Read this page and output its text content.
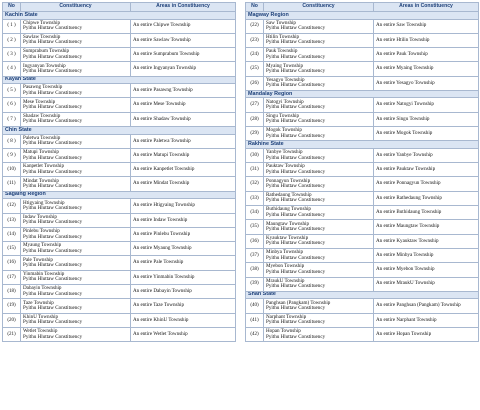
No	Constituency	Areas in Constituency
Kachin State		
( 1 )	Chipwe Township
Pyithu Hluttaw Constituency	An entire Chipwe Township
( 2 )	Sawlaw Township
Pyithu Hluttaw Constituency	An entire Sawlaw Township
( 3 )	Sumprabum Township
Pyithu Hluttaw Constituency	An entire Sumprabum Township
( 4 )	Ingyanyan Township
Pyithu Hluttaw Constituency	An entire Ingyanyan Township
Kayah State		
( 5 )	Pasawng Township
Pyithu Hluttaw Constituency	An entire Pasawng Township
( 6 )	Mese Township
Pyithu Hluttaw Constituency	An entire Mese Township
( 7 )	Shadaw Township
Pyithu Hluttaw Constituency	An entire Shadaw Township
Chin State		
( 8 )	Paletwa Township
Pyithu Hluttaw Constituency	An entire Paletwa Township
( 9 )	Matupi Township
Pyithu Hluttaw Constituency	An entire Matupi Township
(10)	Kanpetlet Township
Pyithu Hluttaw Constituency	An entire Kanpetlet Township
(11)	Mindat Township
Pyithu Hluttaw Constituency	An entire Mindat Township
Sagaing Region		
(12)	Htigyaing Township
Pyithu Hluttaw Constituency	An entire Htigyaing Township
(13)	Indaw Township
Pyithu Hluttaw Constituency	An entire Indaw Township
(14)	Pinlebu Township
Pyithu Hluttaw Constituency	An entire Pinlebu Township
(15)	Myaung Township
Pyithu Hluttaw Constituency	An entire Myaung Township
(16)	Pale Township
Pyithu Hluttaw Constituency	An entire Pale Township
(17)	Yinmabin Township
Pyithu Hluttaw Constituency	An entire Yinmabin Township
(18)	Dabayin Township
Pyithu Hluttaw Constituency	An entire Dabayin Township
(19)	Taze Township
Pyithu Hluttaw Constituency	An entire Taze Township
(20)	KhinU Township
Pyithu Hluttaw Constituency	An entire KhinU Township
(21)	Wetlet Township
Pyithu Hluttaw Constituency	An entire Wetlet Township
No	Constituency	Areas in Constituency
Magway Region		
(22)	Saw Township
Pyithu Hluttaw Constituency	An entire Saw Township
(23)	Htilin Township
Pyithu Hluttaw Constituency	An entire Htilin Township
(24)	Pauk Township
Pyithu Hluttaw Constituency	An entire Pauk Township
(25)	Myaing Township
Pyithu Hluttaw Constituency	An entire Myaing Township
(26)	Yesagyo Township
Pyithu Hluttaw Constituency	An entire Yesagyo Township
Mandalay Region		
(27)	Natogyi Township
Pyithu Hluttaw Constituency	An entire Natogyi Township
(28)	Singu Township
Pyithu Hluttaw Constituency	An entire Singu Township
(29)	Mogok Township
Pyithu Hluttaw Constituency	An entire Mogok Township
Rakhine State		
(30)	Yanbye Township
Pyithu Hluttaw Constituency	An entire Yanbye Township
(31)	Pauktaw Township
Pyithu Hluttaw Constituency	An entire Pauktaw Township
(32)	Ponnagyun Township
Pyithu Hluttaw Constituency	An entire Ponnagyun Township
(33)	Rathedaung Township
Pyithu Hluttaw Constituency	An entire Rathedaung Township
(34)	Buthidaung Township
Pyithu Hluttaw Constituency	An entire Buthidaung Township
(35)	Maungtaw Township
Pyithu Hluttaw Constituency	An entire Maungtaw Township
(36)	Kyauktaw Township
Pyithu Hluttaw Constituency	An entire Kyauktaw Township
(37)	Minbya Township
Pyithu Hluttaw Constituency	An entire Minbya Township
(38)	Myebon Township
Pyithu Hluttaw Constituency	An entire Myebon Township
(39)	MraukU Township
Pyithu Hluttaw Constituency	An entire MraukU Township
Shan State		
(40)	Panghsan (Pangkam) Township
Pyithu Hluttaw Constituency	An entire Panghsan (Pangkam) Township
(41)	Narphant Township
Pyithu Hluttaw Constituency	An entire Narphant Township
(42)	Hopan Township
Pyithu Hluttaw Constituency	An entire Hopan Township
